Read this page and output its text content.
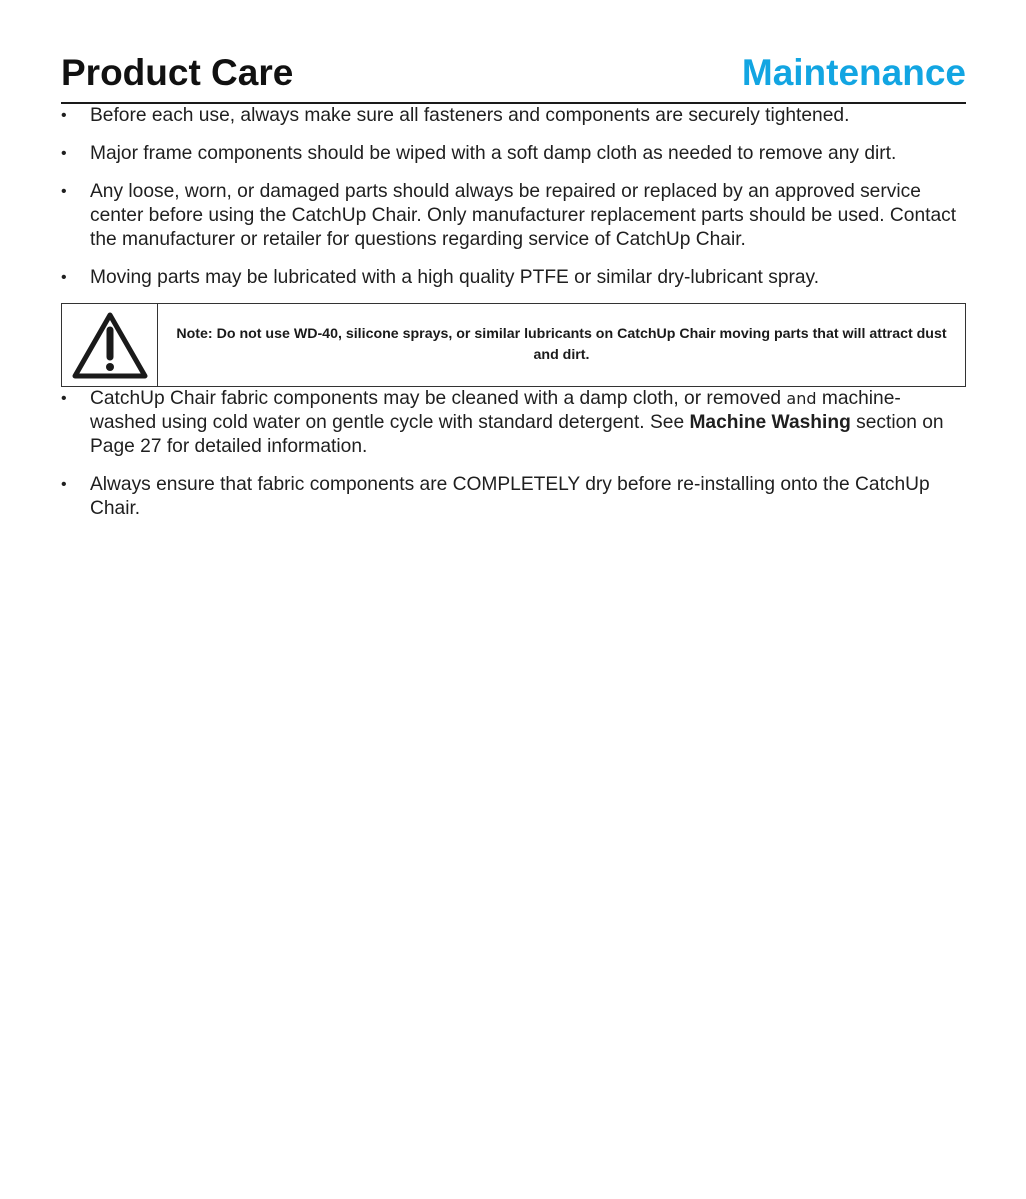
Product Care	Maintenance
• Before each use, always make sure all fasteners and components are securely tightened.
• Major frame components should be wiped with a soft damp cloth as needed to remove any dirt.
• Any loose, worn, or damaged parts should always be repaired or replaced by an approved service center before using the CatchUp Chair. Only manufacturer replacement parts should be used. Contact the manufacturer or retailer for questions regarding service of CatchUp Chair.
• Moving parts may be lubricated with a high quality PTFE or similar dry-lubricant spray.
Note: Do not use WD-40, silicone sprays, or similar lubricants on CatchUp Chair moving parts that will attract dust and dirt.
• CatchUp Chair fabric components may be cleaned with a damp cloth, or removed and machine-washed using cold water on gentle cycle with standard detergent. See Machine Washing section on Page 27 for detailed information.
• Always ensure that fabric components are COMPLETELY dry before re-installing onto the CatchUp Chair.
